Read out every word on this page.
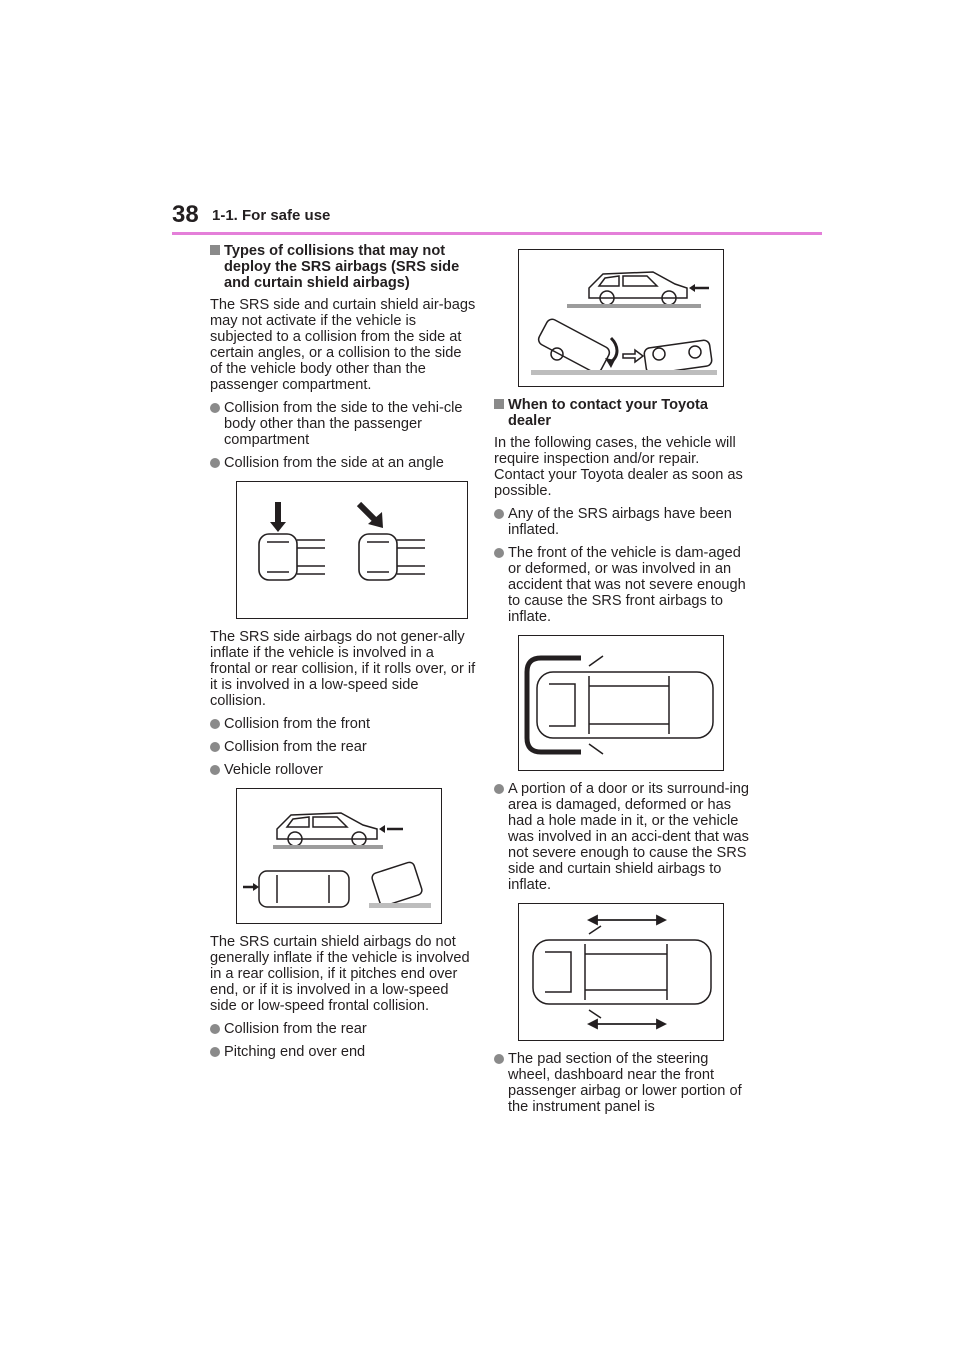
38 1-1. For safe use

Types of collisions that may not deploy the SRS airbags (SRS side and curtain shield airbags)

The SRS side and curtain shield air-bags may not activate if the vehicle is subjected to a collision from the side at certain angles, or a collision to the side of the vehicle body other than the passenger compartment.

Collision from the side to the vehi-cle body other than the passenger compartment

Collision from the side at an angle

The SRS side airbags do not gener-ally inflate if the vehicle is involved in a frontal or rear collision, if it rolls over, or if it is involved in a low-speed side collision.

Collision from the front

Collision from the rear

Vehicle rollover

The SRS curtain shield airbags do not generally inflate if the vehicle is involved in a rear collision, if it pitches end over end, or if it is involved in a low-speed side or low-speed frontal collision.

Collision from the rear

Pitching end over end

When to contact your Toyota dealer

In the following cases, the vehicle will require inspection and/or repair. Contact your Toyota dealer as soon as possible.

Any of the SRS airbags have been inflated.

The front of the vehicle is dam-aged or deformed, or was involved in an accident that was not severe enough to cause the SRS front airbags to inflate.

A portion of a door or its surround-ing area is damaged, deformed or has had a hole made in it, or the vehicle was involved in an acci-dent that was not severe enough to cause the SRS side and curtain shield airbags to inflate.

The pad section of the steering wheel, dashboard near the front passenger airbag or lower portion of the instrument panel is
